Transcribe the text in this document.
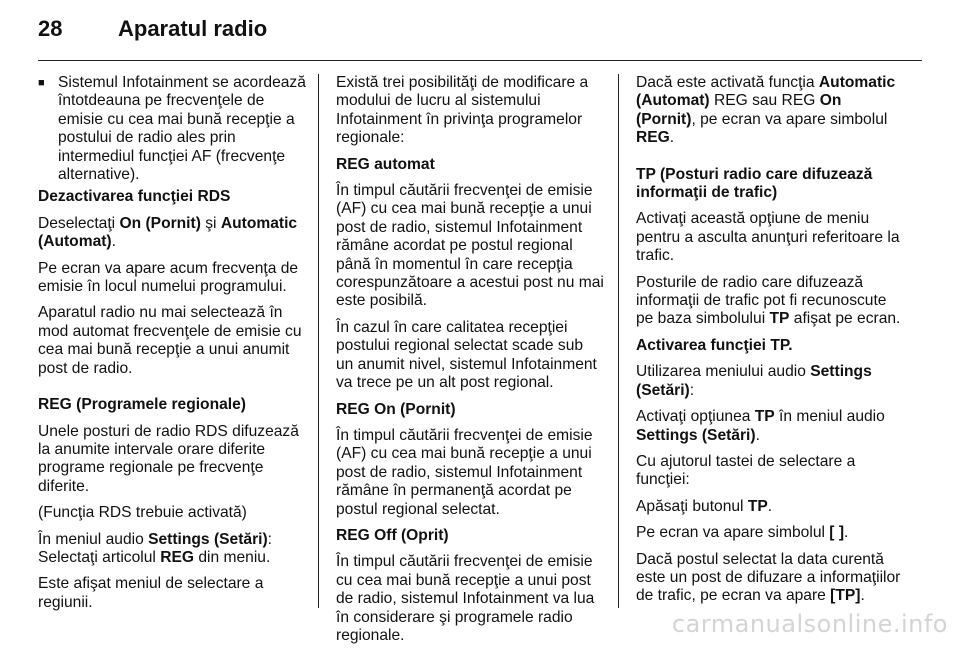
28	Aparatul radio
■ Sistemul Infotainment se acordează întotdeauna pe frecvenţele de emisie cu cea mai bună recepţie a postului de radio ales prin intermediul funcţiei AF (frecvenţe alternative).

Dezactivarea funcţiei RDS

Deselectaţi On (Pornit) şi Automatic (Automat).

Pe ecran va apare acum frecvenţa de emisie în locul numelui programului.

Aparatul radio nu mai selectează în mod automat frecvenţele de emisie cu cea mai bună recepţie a unui anumit post de radio.

REG (Programele regionale)

Unele posturi de radio RDS difuzează la anumite intervale orare diferite programe regionale pe frecvenţe diferite.

(Funcţia RDS trebuie activată)

În meniul audio Settings (Setări):
Selectaţi articolul REG din meniu.

Este afişat meniul de selectare a regiunii.

Există trei posibilităţi de modificare a modului de lucru al sistemului Infotainment în privinţa programelor regionale:

REG automat

În timpul căutării frecvenţei de emisie (AF) cu cea mai bună recepţie a unui post de radio, sistemul Infotainment rămâne acordat pe postul regional până în momentul în care recepţia corespunzătoare a acestui post nu mai este posibilă.

În cazul în care calitatea recepţiei postului regional selectat scade sub un anumit nivel, sistemul Infotainment va trece pe un alt post regional.

REG On (Pornit)

În timpul căutării frecvenţei de emisie (AF) cu cea mai bună recepţie a unui post de radio, sistemul Infotainment rămâne în permanenţă acordat pe postul regional selectat.

REG Off (Oprit)

În timpul căutării frecvenţei de emisie cu cea mai bună recepţie a unui post de radio, sistemul Infotainment va lua în considerare şi programele radio regionale.

Dacă este activată funcţia Automatic (Automat) REG sau REG On (Pornit), pe ecran va apare simbolul REG.

TP (Posturi radio care difuzează informaţii de trafic)

Activaţi această opţiune de meniu pentru a asculta anunţuri referitoare la trafic.

Posturile de radio care difuzează informaţii de trafic pot fi recunoscute pe baza simbolului TP afişat pe ecran.

Activarea funcţiei TP.

Utilizarea meniului audio Settings (Setări):

Activaţi opţiunea TP în meniul audio Settings (Setări).

Cu ajutorul tastei de selectare a funcţiei:

Apăsaţi butonul TP.

Pe ecran va apare simbolul [ ].

Dacă postul selectat la data curentă este un post de difuzare a informaţiilor de trafic, pe ecran va apare [TP].

carmanualsonline.info
